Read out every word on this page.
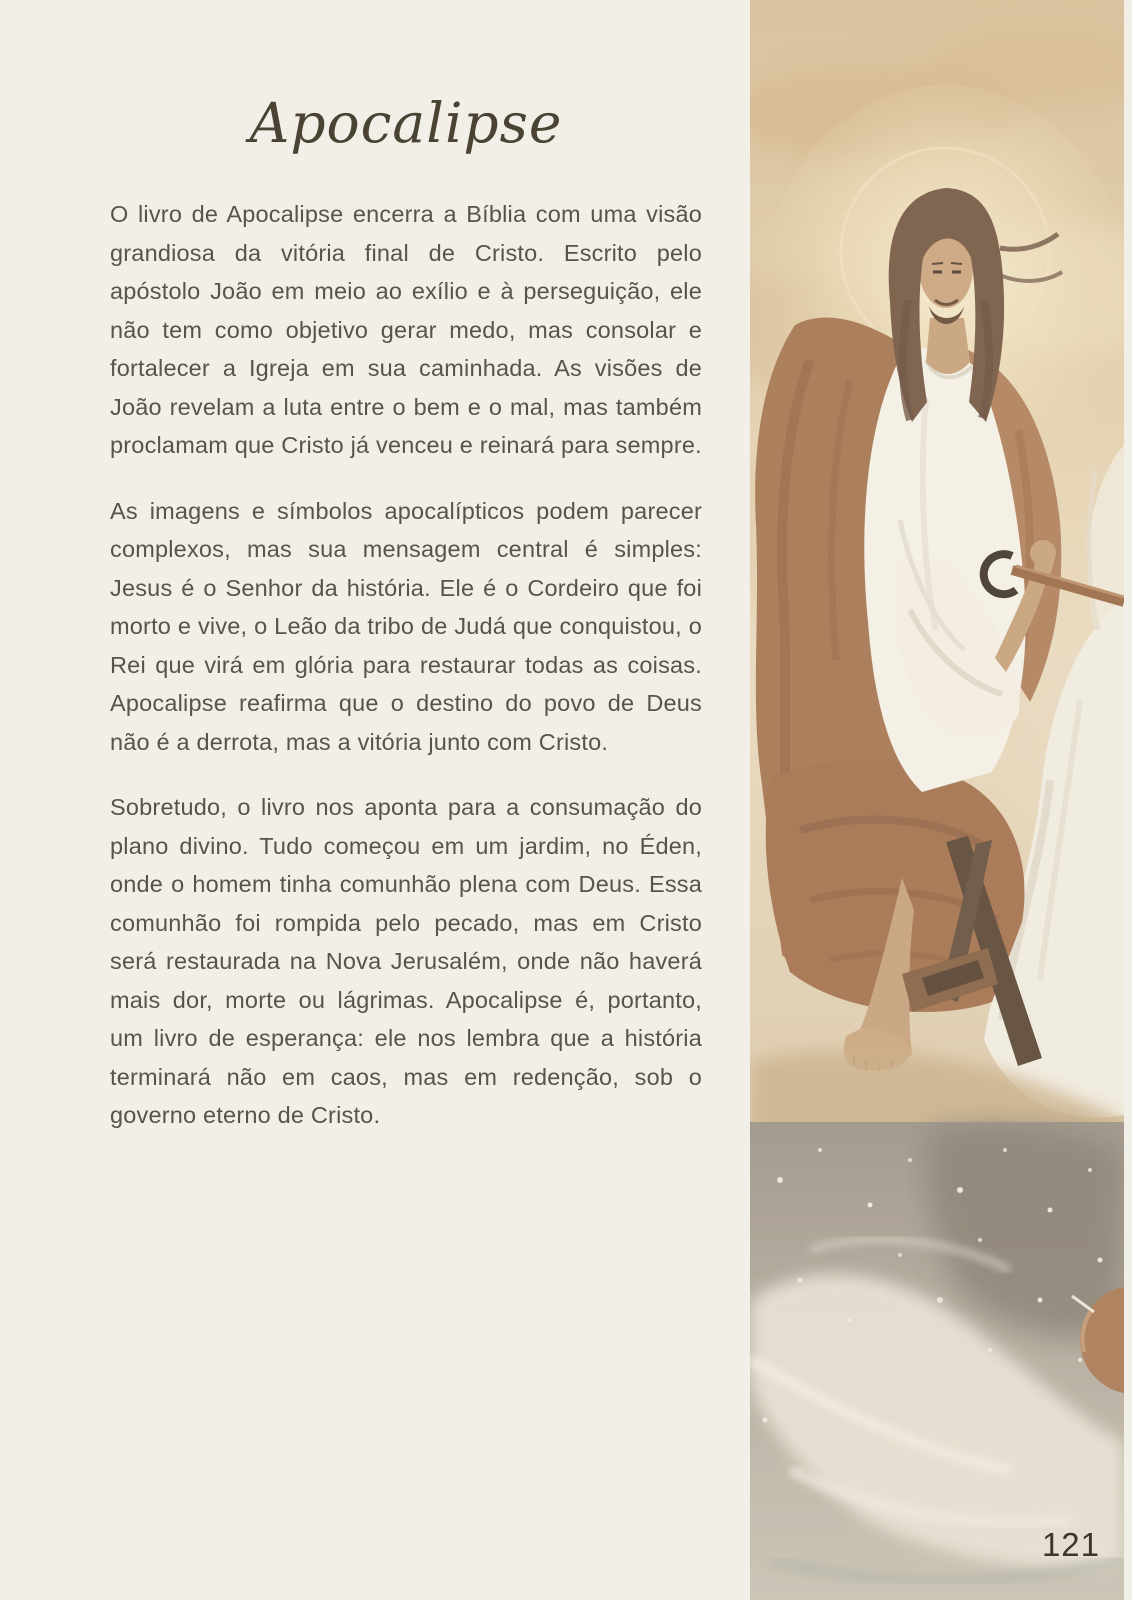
Apocalipse

O livro de Apocalipse encerra a Bíblia com uma visão grandiosa da vitória final de Cristo. Escrito pelo apóstolo João em meio ao exílio e à perseguição, ele não tem como objetivo gerar medo, mas consolar e fortalecer a Igreja em sua caminhada. As visões de João revelam a luta entre o bem e o mal, mas também proclamam que Cristo já venceu e reinará para sempre.

As imagens e símbolos apocalípticos podem parecer complexos, mas sua mensagem central é simples: Jesus é o Senhor da história. Ele é o Cordeiro que foi morto e vive, o Leão da tribo de Judá que conquistou, o Rei que virá em glória para restaurar todas as coisas. Apocalipse reafirma que o destino do povo de Deus não é a derrota, mas a vitória junto com Cristo.

Sobretudo, o livro nos aponta para a consumação do plano divino. Tudo começou em um jardim, no Éden, onde o homem tinha comunhão plena com Deus. Essa comunhão foi rompida pelo pecado, mas em Cristo será restaurada na Nova Jerusalém, onde não haverá mais dor, morte ou lágrimas. Apocalipse é, portanto, um livro de esperança: ele nos lembra que a história terminará não em caos, mas em redenção, sob o governo eterno de Cristo.

121
